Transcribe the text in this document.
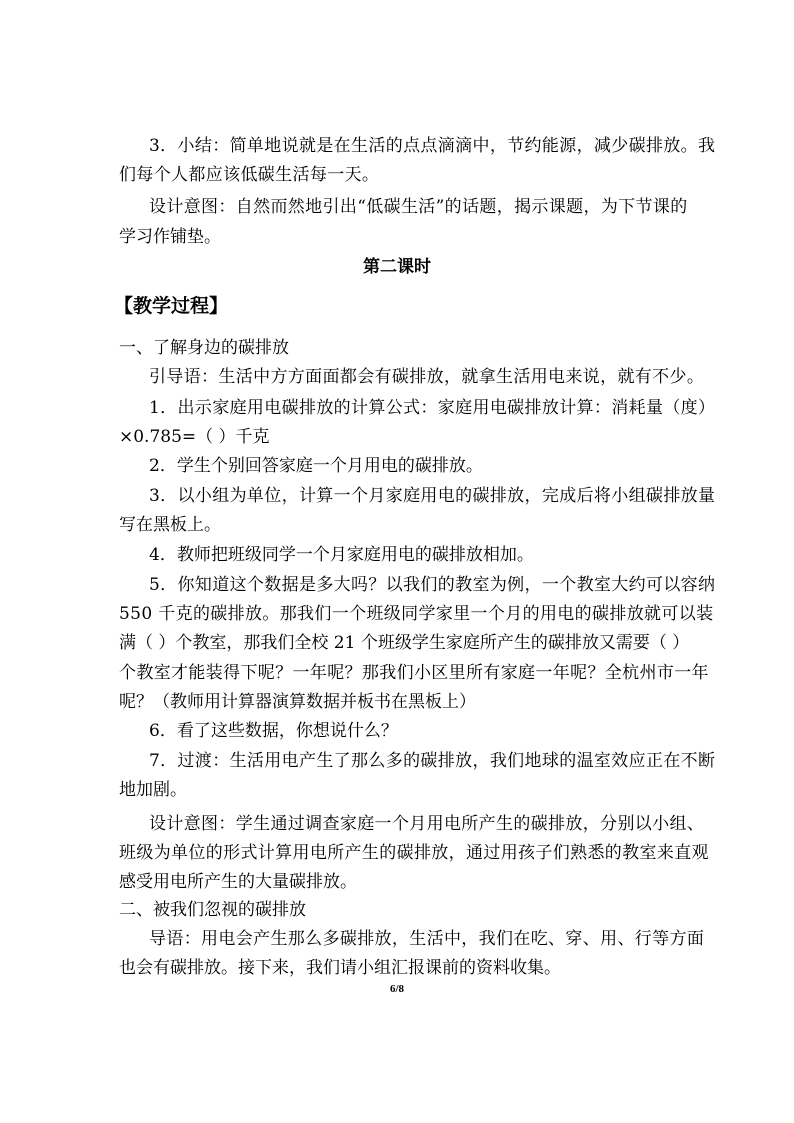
3．小结：简单地说就是在生活的点点滴滴中，节约能源，减少碳排放。我
们每个人都应该低碳生活每一天。
设计意图：自然而然地引出“低碳生活”的话题，揭示课题，为下节课的
学习作铺垫。
第二课时
【教学过程】
一、了解身边的碳排放
引导语：生活中方方面面都会有碳排放，就拿生活用电来说，就有不少。
1．出示家庭用电碳排放的计算公式：家庭用电碳排放计算：消耗量（度）
×0.785=（ ）千克
2．学生个别回答家庭一个月用电的碳排放。
3．以小组为单位，计算一个月家庭用电的碳排放，完成后将小组碳排放量
写在黑板上。
4．教师把班级同学一个月家庭用电的碳排放相加。
5．你知道这个数据是多大吗？以我们的教室为例，一个教室大约可以容纳
550 千克的碳排放。那我们一个班级同学家里一个月的用电的碳排放就可以装
满（ ）个教室，那我们全校 21 个班级学生家庭所产生的碳排放又需要（ ）
个教室才能装得下呢？一年呢？那我们小区里所有家庭一年呢？全杭州市一年
呢？（教师用计算器演算数据并板书在黑板上）
6．看了这些数据，你想说什么？
7．过渡：生活用电产生了那么多的碳排放，我们地球的温室效应正在不断
地加剧。
设计意图：学生通过调查家庭一个月用电所产生的碳排放，分别以小组、
班级为单位的形式计算用电所产生的碳排放，通过用孩子们熟悉的教室来直观
感受用电所产生的大量碳排放。
二、被我们忽视的碳排放
导语：用电会产生那么多碳排放，生活中，我们在吃、穿、用、行等方面
也会有碳排放。接下来，我们请小组汇报课前的资料收集。
6/8
